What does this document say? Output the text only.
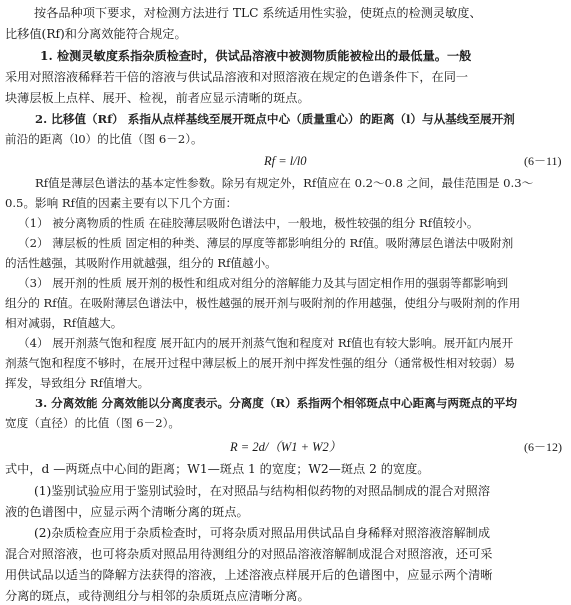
按各品种项下要求，对检测方法进行 TLC 系统适用性实验，使斑点的检测灵敏度、
比移值(Rf)和分离效能符合规定。
1. 检测灵敏度系指杂质检查时，供试品溶液中被测物质能被检出的最低量。一般
采用对照溶液稀释若干倍的溶液与供试品溶液和对照溶液在规定的色谱条件下，在同一
块薄层板上点样、展开、检视，前者应显示清晰的斑点。
2. 比移值（Rf） 系指从点样基线至展开斑点中心（质量重心）的距离（l）与从基线至展开剂
前沿的距离（l0）的比值（图 6－2）。
Rf = l/l0	(6－11)
Rf值是薄层色谱法的基本定性参数。除另有规定外，Rf值应在 0.2～0.8 之间，最佳范围是 0.3～
0.5。影响 Rf值的因素主要有以下几个方面：
（1） 被分离物质的性质 在硅胶薄层吸附色谱法中，一般地，极性较强的组分 Rf值较小。
（2） 薄层板的性质 固定相的种类、薄层的厚度等都影响组分的 Rf值。吸附薄层色谱法中吸附剂
的活性越强，其吸附作用就越强，组分的 Rf值越小。
（3） 展开剂的性质 展开剂的极性和组成对组分的溶解能力及其与固定相作用的强弱等都影响到
组分的 Rf值。在吸附薄层色谱法中，极性越强的展开剂与吸附剂的作用越强，使组分与吸附剂的作用
相对减弱，Rf值越大。
（4） 展开剂蒸气饱和程度 展开缸内的展开剂蒸气饱和程度对 Rf值也有较大影响。展开缸内展开
剂蒸气饱和程度不够时，在展开过程中薄层板上的展开剂中挥发性强的组分（通常极性相对较弱）易
挥发，导致组分 Rf值增大。
3. 分离效能 分离效能以分离度表示。分离度（R）系指两个相邻斑点中心距离与两斑点的平均
宽度（直径）的比值（图 6－2）。
R = 2d/（W1 + W2）	(6－12)
式中，d —两斑点中心间的距离；W1—斑点 1 的宽度；W2—斑点 2 的宽度。
(1)鉴别试验应用于鉴别试验时，在对照品与结构相似药物的对照品制成的混合对照溶
液的色谱图中，应显示两个清晰分离的斑点。
(2)杂质检查应用于杂质检查时，可将杂质对照品用供试品自身稀释对照溶液溶解制成
混合对照溶液，也可将杂质对照品用待测组分的对照品溶液溶解制成混合对照溶液，还可采
用供试品以适当的降解方法获得的溶液，上述溶液点样展开后的色谱图中，应显示两个清晰
分离的斑点，或待测组分与相邻的杂质斑点应清晰分离。
